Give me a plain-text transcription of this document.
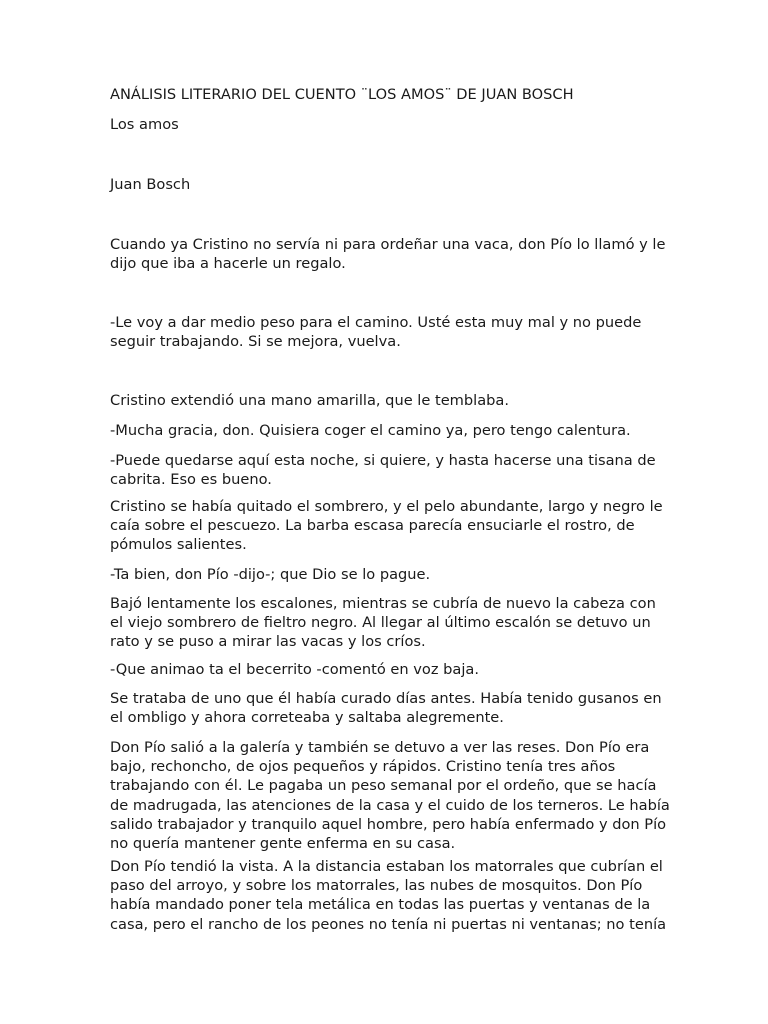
ANÁLISIS LITERARIO DEL CUENTO ¨LOS AMOS¨ DE JUAN BOSCH

Los amos

Juan Bosch

Cuando ya Cristino no servía ni para ordeñar una vaca, don Pío lo llamó y le dijo que iba a hacerle un regalo.

-Le voy a dar medio peso para el camino. Usté esta muy mal y no puede seguir trabajando. Si se mejora, vuelva.

Cristino extendió una mano amarilla, que le temblaba.

-Mucha gracia, don. Quisiera coger el camino ya, pero tengo calentura.

-Puede quedarse aquí esta noche, si quiere, y hasta hacerse una tisana de cabrita. Eso es bueno.

Cristino se había quitado el sombrero, y el pelo abundante, largo y negro le caía sobre el pescuezo. La barba escasa parecía ensuciarle el rostro, de pómulos salientes.

-Ta bien, don Pío -dijo-; que Dio se lo pague.

Bajó lentamente los escalones, mientras se cubría de nuevo la cabeza con el viejo sombrero de fieltro negro. Al llegar al último escalón se detuvo un rato y se puso a mirar las vacas y los críos.

-Que animao ta el becerrito -comentó en voz baja.

Se trataba de uno que él había curado días antes. Había tenido gusanos en el ombligo y ahora correteaba y saltaba alegremente.

Don Pío salió a la galería y también se detuvo a ver las reses. Don Pío era bajo, rechoncho, de ojos pequeños y rápidos. Cristino tenía tres años trabajando con él. Le pagaba un peso semanal por el ordeño, que se hacía de madrugada, las atenciones de la casa y el cuido de los terneros. Le había salido trabajador y tranquilo aquel hombre, pero había enfermado y don Pío no quería mantener gente enferma en su casa.

Don Pío tendió la vista. A la distancia estaban los matorrales que cubrían el paso del arroyo, y sobre los matorrales, las nubes de mosquitos. Don Pío había mandado poner tela metálica en todas las puertas y ventanas de la casa, pero el rancho de los peones no tenía ni puertas ni ventanas; no tenía
